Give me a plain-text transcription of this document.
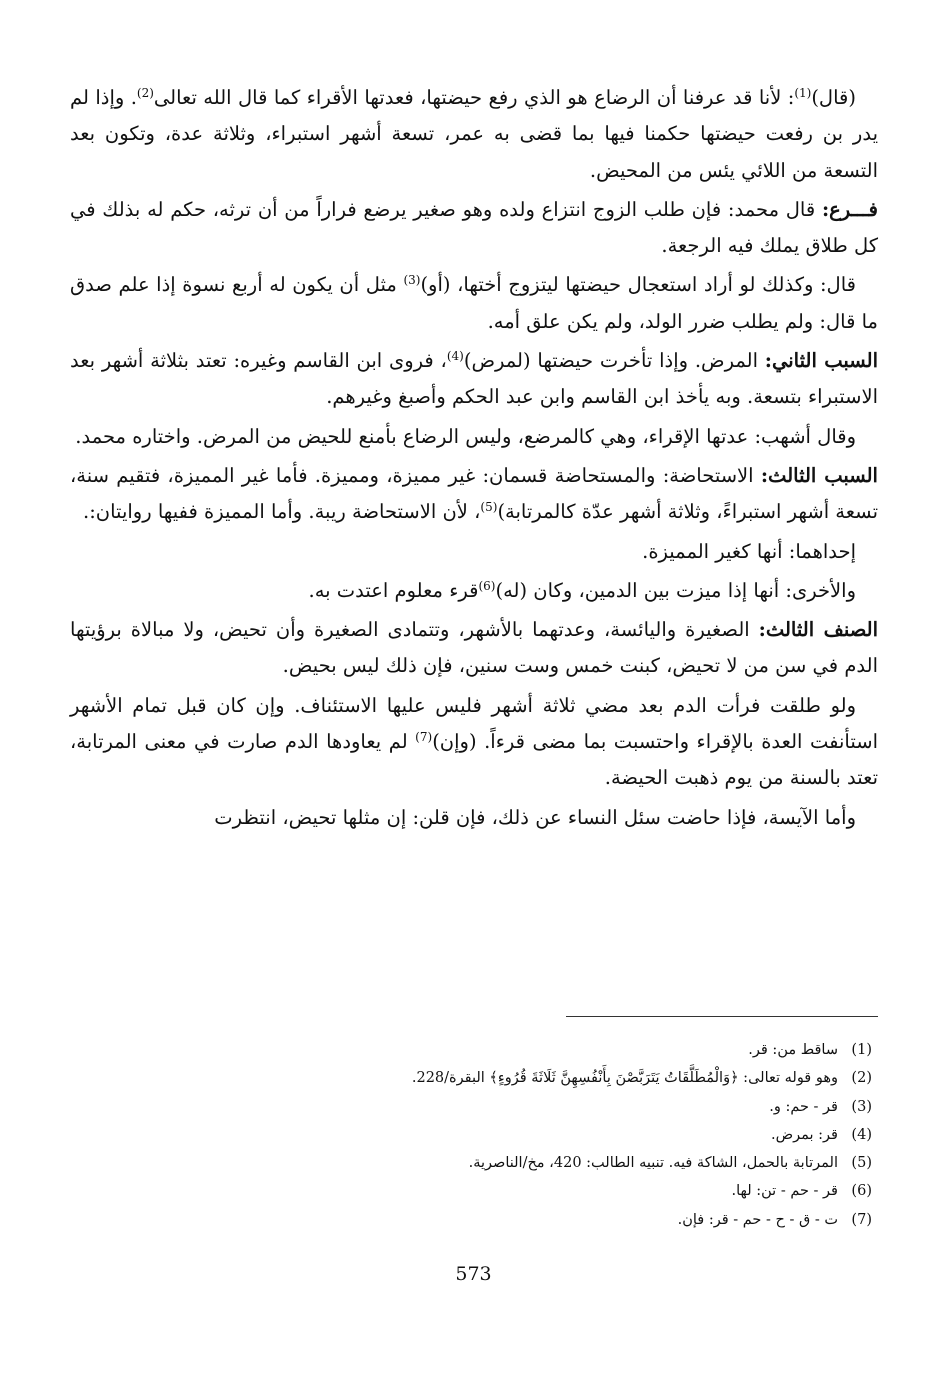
(قال)$^{(1)}$: لأنا قد عرفنا أن الرضاع هو الذي رفع حيضتها، فعدتها الأقراء كما قال الله تعالى$^{(2)}$. وإذا لم يدر بن رفعت حيضتها حكمنا فيها بما قضى به عمر، تسعة أشهر استبراء، وثلاثة عدة، وتكون بعد التسعة من اللائي يئس من المحيض.

فـــرع: قال محمد: فإن طلب الزوج انتزاع ولده وهو صغير يرضع فراراً من أن ترثه، حكم له بذلك في كل طلاق يملك فيه الرجعة.

قال: وكذلك لو أراد استعجال حيضتها ليتزوج أختها، (أو)$^{(3)}$ مثل أن يكون له أربع نسوة إذا علم صدق ما قال: ولم يطلب ضرر الولد، ولم يكن علق أمه.

السبب الثاني: المرض. وإذا تأخرت حيضتها (لمرض)$^{(4)}$، فروى ابن القاسم وغيره: تعتد بثلاثة أشهر بعد الاستبراء بتسعة. وبه يأخذ ابن القاسم وابن عبد الحكم وأصبغ وغيرهم.

وقال أشهب: عدتها الإقراء، وهي كالمرضع، وليس الرضاع بأمنع للحيض من المرض. واختاره محمد.

السبب الثالث: الاستحاضة: والمستحاضة قسمان: غير مميزة، ومميزة. فأما غير المميزة، فتقيم سنة، تسعة أشهر استبراءً، وثلاثة أشهر عدّة كالمرتابة)$^{(5)}$، لأن الاستحاضة ريبة. وأما المميزة ففيها روايتان:.

إحداهما: أنها كغير المميزة.

والأخرى: أنها إذا ميزت بين الدمين، وكان (له)$^{(6)}$قرء معلوم اعتدت به.

الصنف الثالث: الصغيرة واليائسة، وعدتهما بالأشهر، وتتمادى الصغيرة وأن تحيض، ولا مبالاة برؤيتها الدم في سن من لا تحيض، كبنت خمس وست سنين، فإن ذلك ليس بحيض.

ولو طلقت فرأت الدم بعد مضي ثلاثة أشهر فليس عليها الاستئناف. وإن كان قبل تمام الأشهر استأنفت العدة بالإقراء واحتسبت بما مضى قرءاً. (وإن)$^{(7)}$ لم يعاودها الدم صارت في معنى المرتابة، تعتد بالسنة من يوم ذهبت الحيضة.

وأما الآيسة، فإذا حاضت سئل النساء عن ذلك، فإن قلن: إن مثلها تحيض، انتظرت

(1)
ساقط من: قر.
(2)
وهو قوله تعالى: ﴿وَالْمُطَلَّقَاتُ يَتَرَبَّصْنَ بِأَنْفُسِهِنَّ ثَلَاثَةَ قُرُوءٍ﴾ البقرة/228.
(3)
قر - حم: و.
(4)
قر: بمرض.
(5)
المرتابة بالحمل، الشاكة فيه. تنبيه الطالب: 420، مخ/الناصرية.
(6)
قر - حم - تن: لها.
(7)
ت - ق - ح - حم - قر: فإن.
573
